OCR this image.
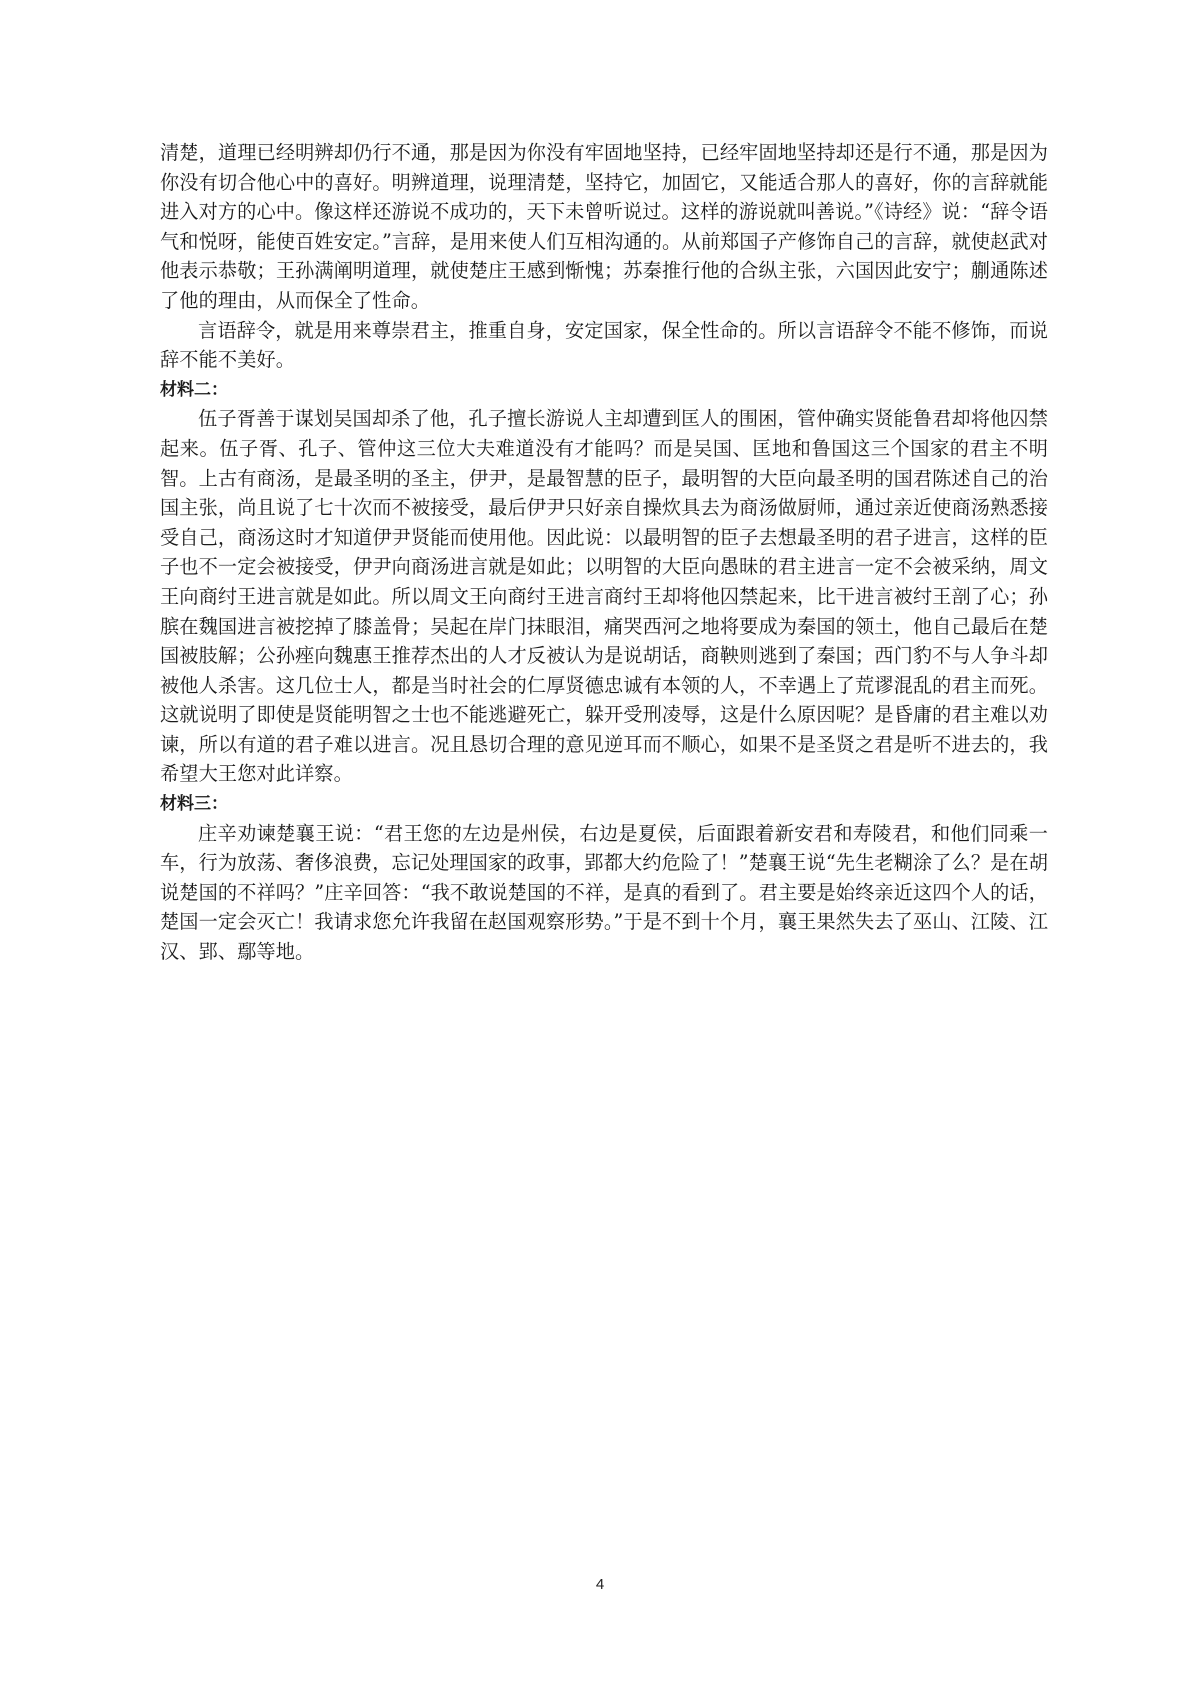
清楚，道理已经明辨却仍行不通，那是因为你没有牢固地坚持，已经牢固地坚持却还是行不通，那是因为你没有切合他心中的喜好。明辨道理，说理清楚，坚持它，加固它，又能适合那人的喜好，你的言辞就能进入对方的心中。像这样还游说不成功的，天下未曾听说过。这样的游说就叫善说。”《诗经》说：“辞令语气和悦呀，能使百姓安定。”言辞，是用来使人们互相沟通的。从前郑国子产修饰自己的言辞，就使赵武对他表示恭敬；王孙满阐明道理，就使楚庄王感到惭愧；苏秦推行他的合纵主张，六国因此安宁；蒯通陈述了他的理由，从而保全了性命。

言语辞令，就是用来尊崇君主，推重自身，安定国家，保全性命的。所以言语辞令不能不修饰，而说辞不能不美好。

材料二：

伍子胥善于谋划吴国却杀了他，孔子擅长游说人主却遭到匡人的围困，管仲确实贤能鲁君却将他囚禁起来。伍子胥、孔子、管仲这三位大夫难道没有才能吗？而是吴国、匡地和鲁国这三个国家的君主不明智。上古有商汤，是最圣明的圣主，伊尹，是最智慧的臣子，最明智的大臣向最圣明的国君陈述自己的治国主张，尚且说了七十次而不被接受，最后伊尹只好亲自操炊具去为商汤做厨师，通过亲近使商汤熟悉接受自己，商汤这时才知道伊尹贤能而使用他。因此说：以最明智的臣子去想最圣明的君子进言，这样的臣子也不一定会被接受，伊尹向商汤进言就是如此；以明智的大臣向愚昧的君主进言一定不会被采纳，周文王向商纣王进言就是如此。所以周文王向商纣王进言商纣王却将他囚禁起来，比干进言被纣王剖了心；孙膑在魏国进言被挖掉了膝盖骨；吴起在岸门抹眼泪，痛哭西河之地将要成为秦国的领土，他自己最后在楚国被肢解；公孙痤向魏惠王推荐杰出的人才反被认为是说胡话，商鞅则逃到了秦国；西门豹不与人争斗却被他人杀害。这几位士人，都是当时社会的仁厚贤德忠诚有本领的人，不幸遇上了荒谬混乱的君主而死。这就说明了即使是贤能明智之士也不能逃避死亡，躲开受刑凌辱，这是什么原因呢？是昏庸的君主难以劝谏，所以有道的君子难以进言。况且恳切合理的意见逆耳而不顺心，如果不是圣贤之君是听不进去的，我希望大王您对此详察。

材料三：

庄辛劝谏楚襄王说：“君王您的左边是州侯，右边是夏侯，后面跟着新安君和寿陵君，和他们同乘一车，行为放荡、奢侈浪费，忘记处理国家的政事，郢都大约危险了！”楚襄王说“先生老糊涂了么？是在胡说楚国的不祥吗？”庄辛回答：“我不敢说楚国的不祥，是真的看到了。君主要是始终亲近这四个人的话，楚国一定会灭亡！我请求您允许我留在赵国观察形势。”于是不到十个月，襄王果然失去了巫山、江陵、江汉、郢、鄢等地。

4
